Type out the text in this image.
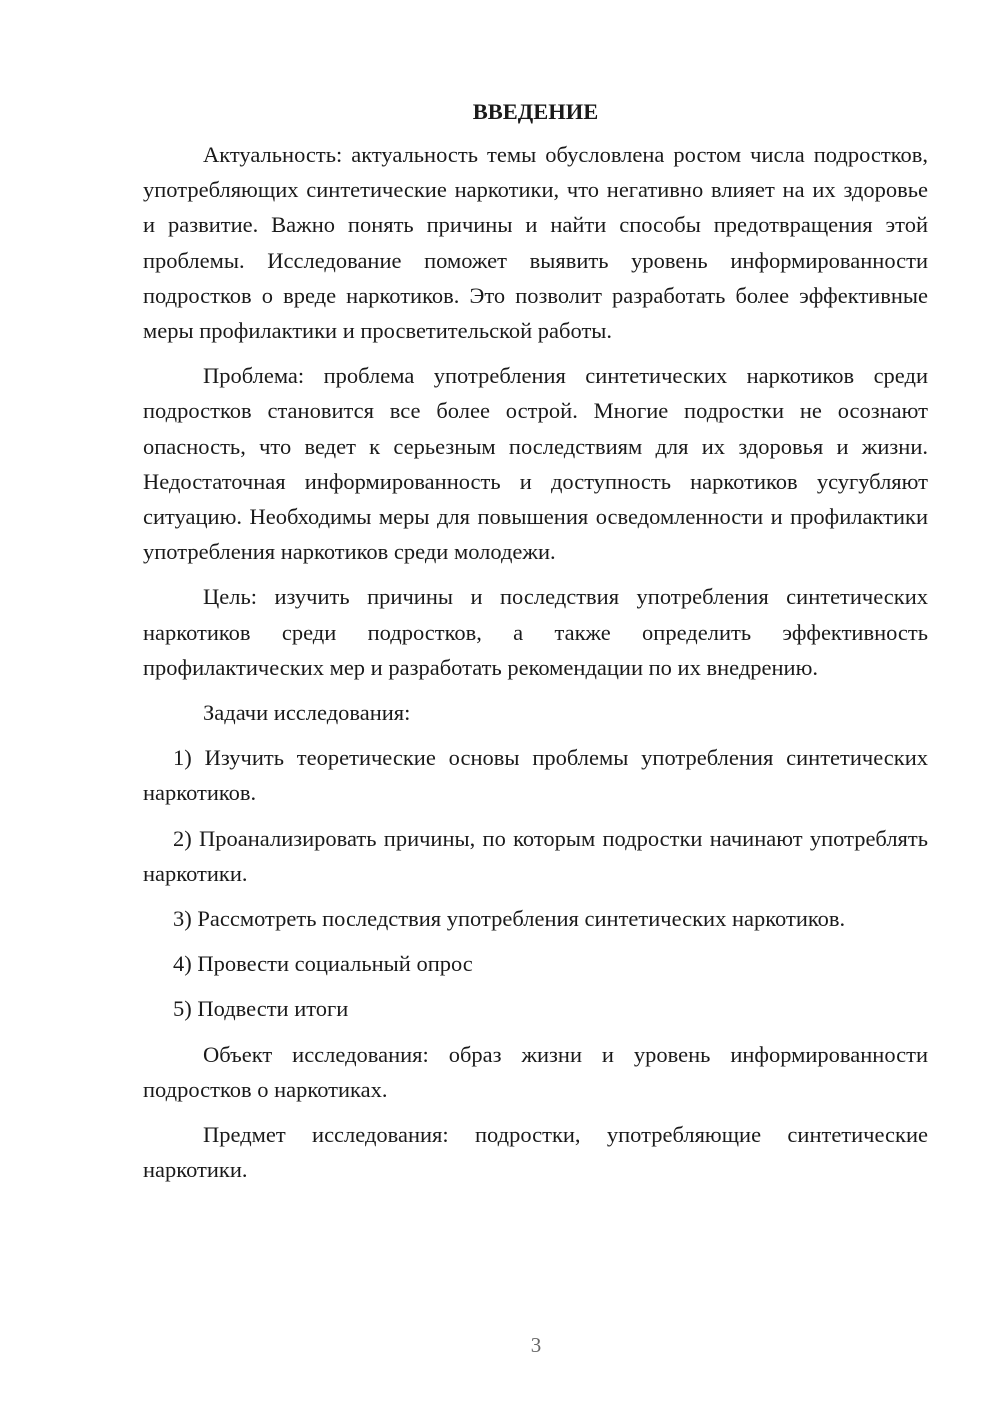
ВВЕДЕНИЕ

Актуальность: актуальность темы обусловлена ростом числа подростков, употребляющих синтетические наркотики, что негативно влияет на их здоровье и развитие. Важно понять причины и найти способы предотвращения этой проблемы. Исследование поможет выявить уровень информированности подростков о вреде наркотиков. Это позволит разработать более эффективные меры профилактики и просветительской работы.

Проблема: проблема употребления синтетических наркотиков среди подростков становится все более острой. Многие подростки не осознают опасность, что ведет к серьезным последствиям для их здоровья и жизни. Недостаточная информированность и доступность наркотиков усугубляют ситуацию. Необходимы меры для повышения осведомленности и профилактики употребления наркотиков среди молодежи.

Цель: изучить причины и последствия употребления синтетических наркотиков среди подростков, а также определить эффективность профилактических мер и разработать рекомендации по их внедрению.

Задачи исследования:

1) Изучить теоретические основы проблемы употребления синтетических наркотиков.

2) Проанализировать причины, по которым подростки начинают употреблять наркотики.

3) Рассмотреть последствия употребления синтетических наркотиков.

4) Провести социальный опрос

5) Подвести итоги

Объект исследования: образ жизни и уровень информированности подростков о наркотиках.

Предмет исследования: подростки, употребляющие синтетические наркотики.

3
